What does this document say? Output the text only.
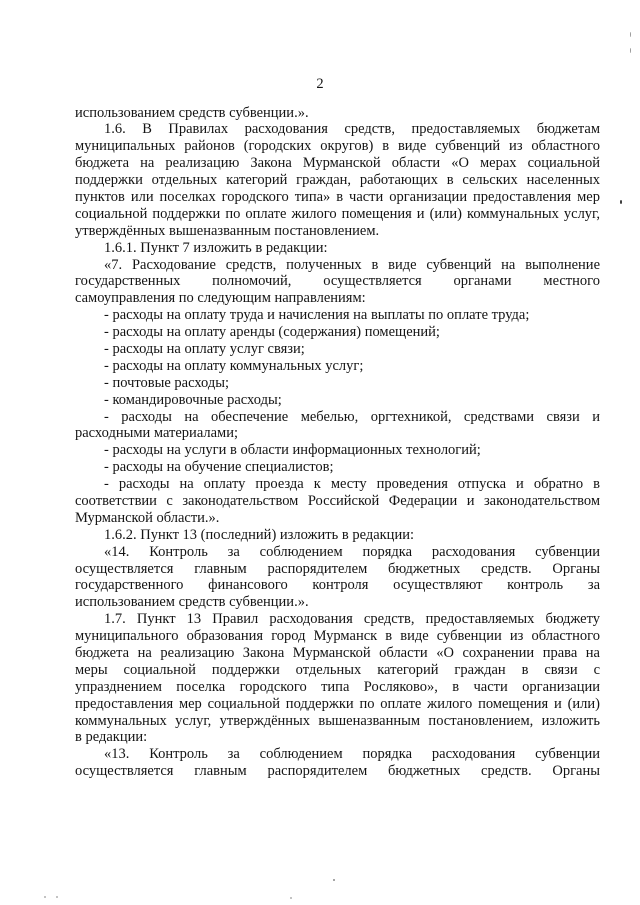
2
использованием средств субвенции.».
1.6. В Правилах расходования средств, предоставляемых бюджетам
муниципальных районов (городских округов) в виде субвенций из областного
бюджета на реализацию Закона Мурманской области «О мерах социальной
поддержки отдельных категорий граждан, работающих в сельских населенных
пунктов или поселках городского типа» в части организации предоставления мер
социальной поддержки по оплате жилого помещения и (или) коммунальных услуг,
утверждённых вышеназванным постановлением.
1.6.1. Пункт 7 изложить в редакции:
«7. Расходование средств, полученных в виде субвенций на выполнение
государственных полномочий, осуществляется органами местного
самоуправления по следующим направлениям:
- расходы на оплату труда и начисления на выплаты по оплате труда;
- расходы на оплату аренды (содержания) помещений;
- расходы на оплату услуг связи;
- расходы на оплату коммунальных услуг;
- почтовые расходы;
- командировочные расходы;
- расходы на обеспечение мебелью, оргтехникой, средствами связи и
расходными материалами;
- расходы на услуги в области информационных технологий;
- расходы на обучение специалистов;
- расходы на оплату проезда к месту проведения отпуска и обратно в
соответствии с законодательством Российской Федерации и законодательством
Мурманской области.».
1.6.2. Пункт 13 (последний) изложить в редакции:
«14. Контроль за соблюдением порядка расходования субвенции
осуществляется главным распорядителем бюджетных средств. Органы
государственного финансового контроля осуществляют контроль за
использованием средств субвенции.».
1.7. Пункт 13 Правил расходования средств, предоставляемых бюджету
муниципального образования город Мурманск в виде субвенции из областного
бюджета на реализацию Закона Мурманской области «О сохранении права на
меры социальной поддержки отдельных категорий граждан в связи с
упразднением поселка городского типа Росляково», в части организации
предоставления мер социальной поддержки по оплате жилого помещения и (или)
коммунальных услуг, утверждённых вышеназванным постановлением, изложить
в редакции:
«13. Контроль за соблюдением порядка расходования субвенции
осуществляется главным распорядителем бюджетных средств. Органы
